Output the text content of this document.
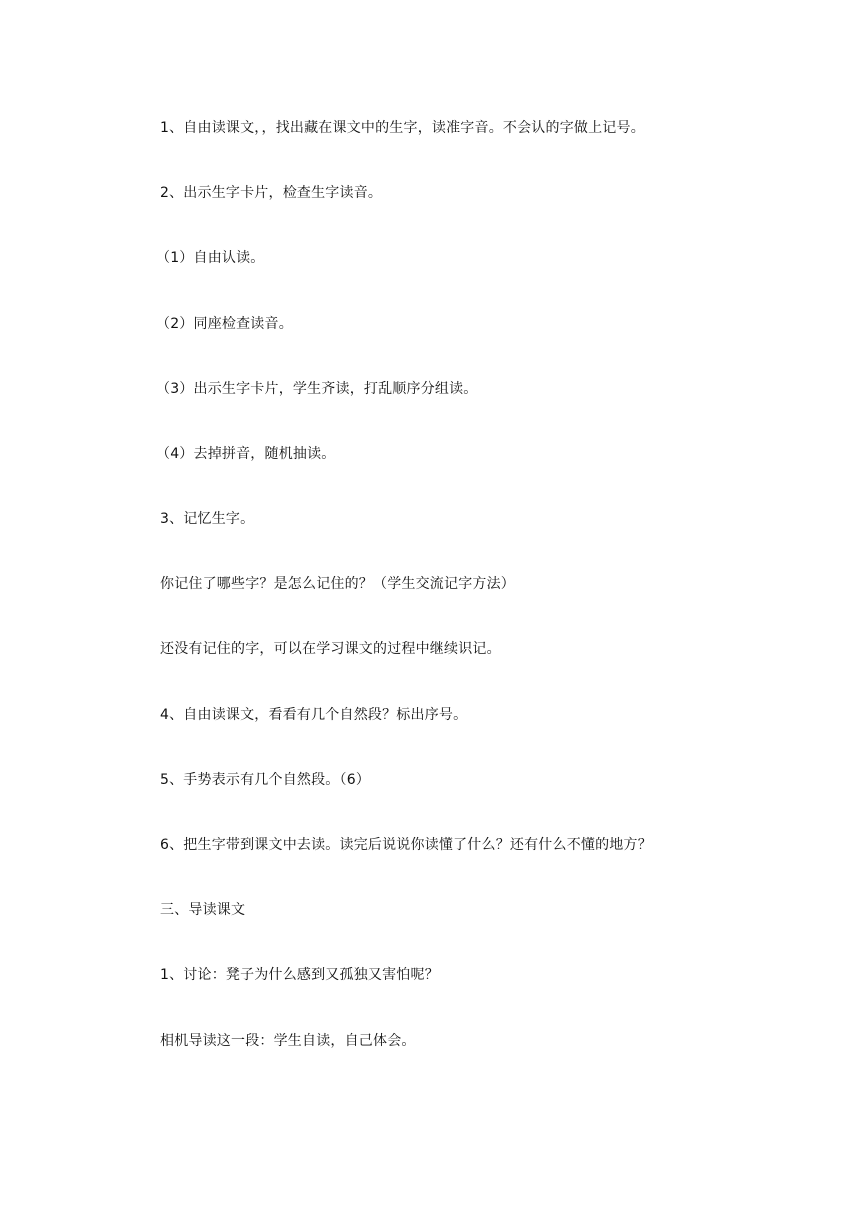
1、自由读课文，，找出藏在课文中的生字，读准字音。不会认的字做上记号。

2、出示生字卡片，检查生字读音。

（1）自由认读。

（2）同座检查读音。

（3）出示生字卡片，学生齐读，打乱顺序分组读。

（4）去掉拼音，随机抽读。

3、记忆生字。

你记住了哪些字？是怎么记住的？（学生交流记字方法）

还没有记住的字，可以在学习课文的过程中继续识记。

4、自由读课文，看看有几个自然段？标出序号。

5、手势表示有几个自然段。（6）

6、把生字带到课文中去读。读完后说说你读懂了什么？还有什么不懂的地方？

三、导读课文

1、讨论：凳子为什么感到又孤独又害怕呢？

相机导读这一段：学生自读，自己体会。
